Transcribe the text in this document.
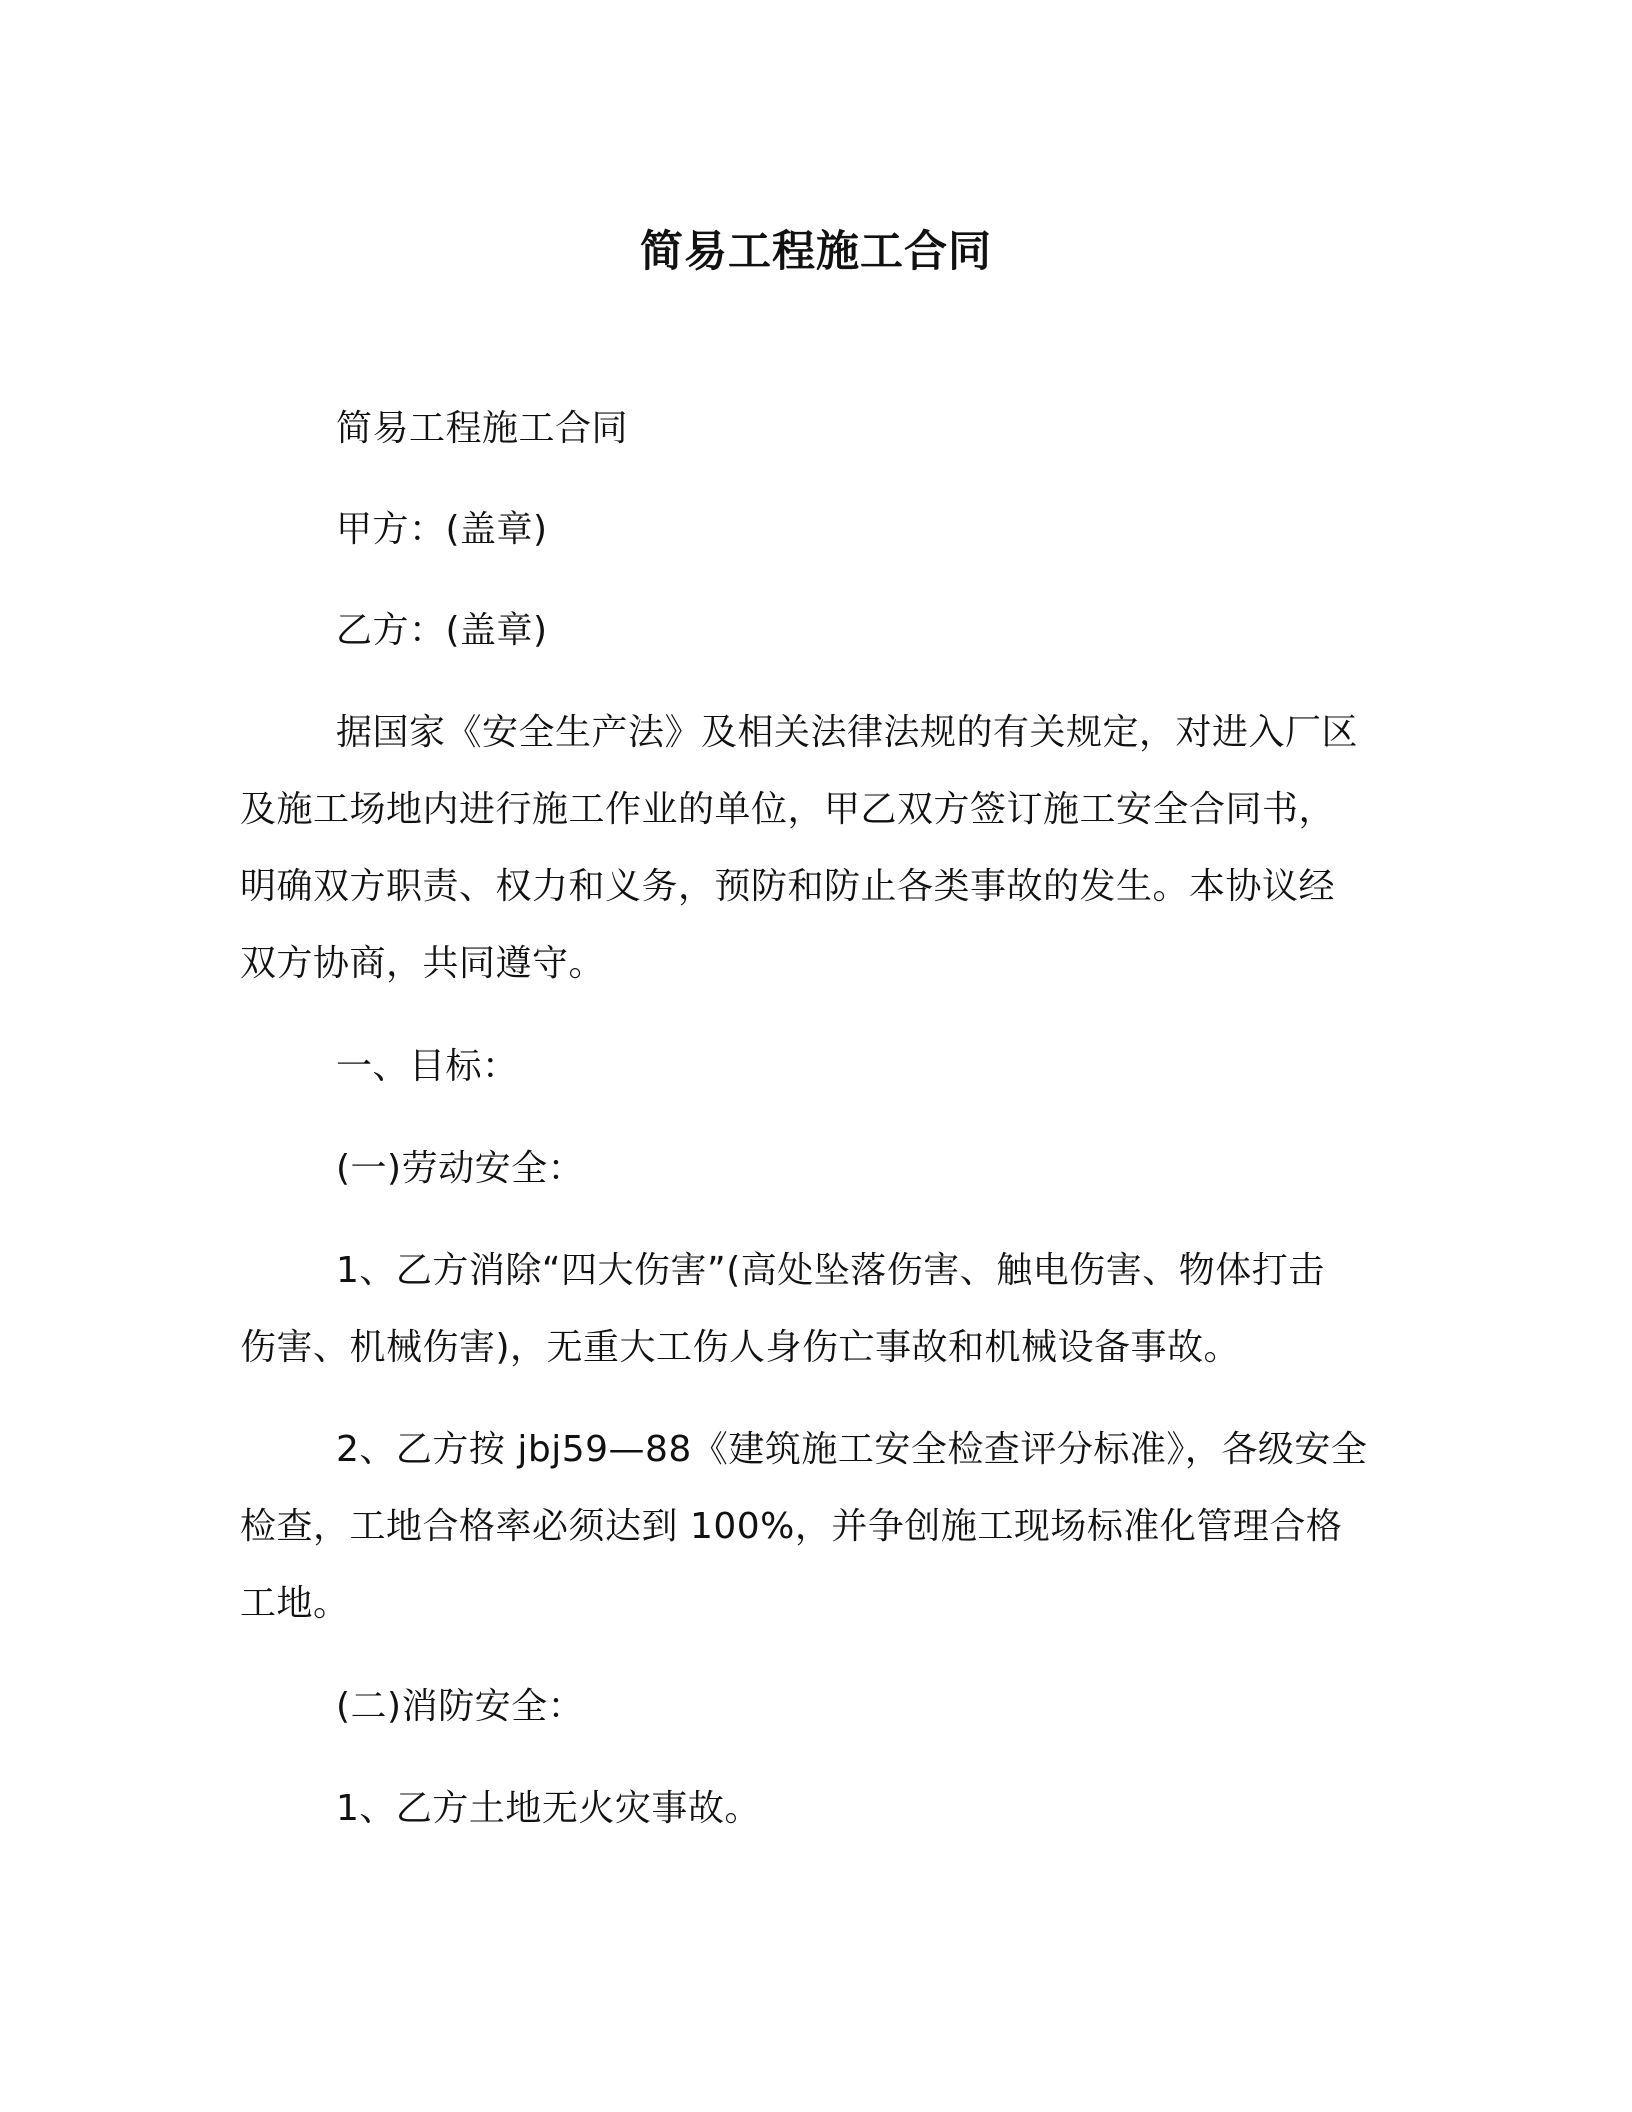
简易工程施工合同

简易工程施工合同

甲方：(盖章)

乙方：(盖章)

据国家《安全生产法》及相关法律法规的有关规定，对进入厂区
及施工场地内进行施工作业的单位，甲乙双方签订施工安全合同书，
明确双方职责、权力和义务，预防和防止各类事故的发生。本协议经
双方协商，共同遵守。

一、目标：

(一)劳动安全：

1、乙方消除“四大伤害”(高处坠落伤害、触电伤害、物体打击
伤害、机械伤害)，无重大工伤人身伤亡事故和机械设备事故。

2、乙方按 jbj59—88《建筑施工安全检查评分标准》，各级安全
检查，工地合格率必须达到 100%，并争创施工现场标准化管理合格
工地。

(二)消防安全：

1、乙方土地无火灾事故。
